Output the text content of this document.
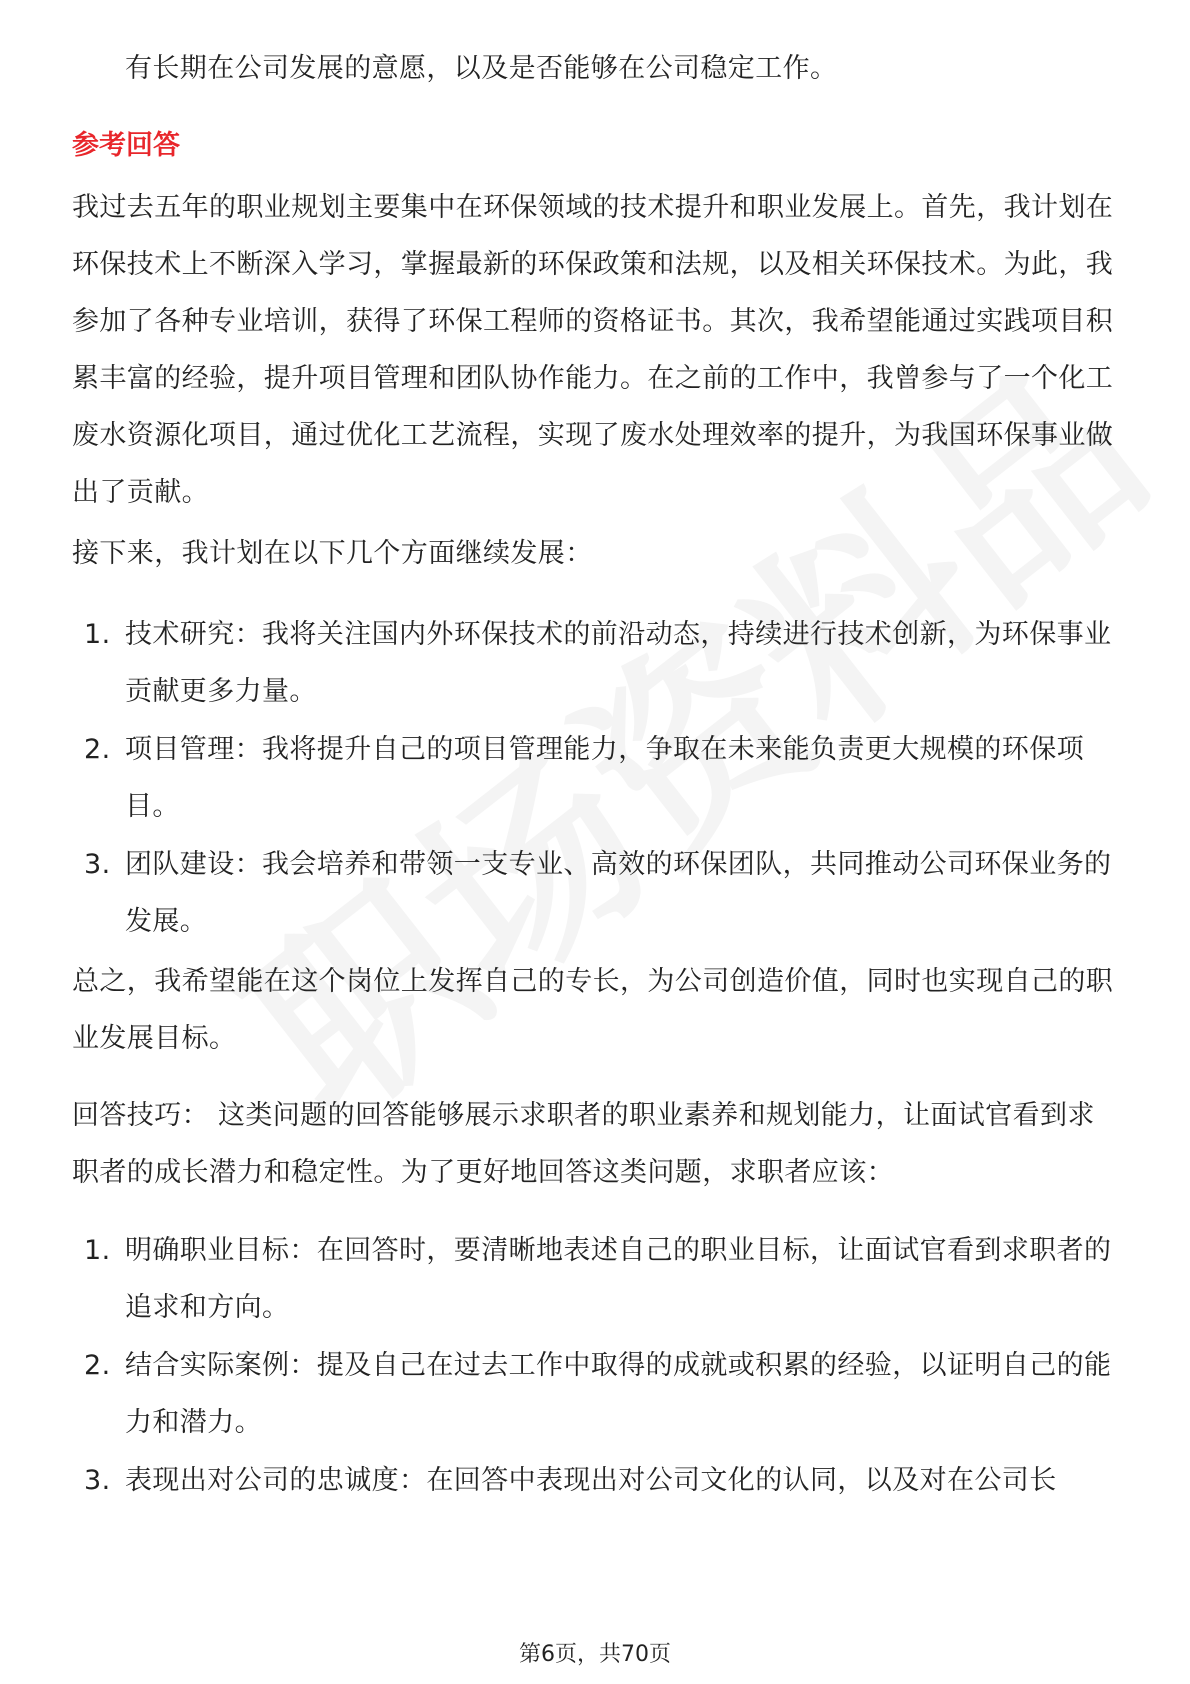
有长期在公司发展的意愿，以及是否能够在公司稳定工作。
参考回答
我过去五年的职业规划主要集中在环保领域的技术提升和职业发展上。首先，我计划在环保技术上不断深入学习，掌握最新的环保政策和法规，以及相关环保技术。为此，我参加了各种专业培训，获得了环保工程师的资格证书。其次，我希望能通过实践项目积累丰富的经验，提升项目管理和团队协作能力。在之前的工作中，我曾参与了一个化工废水资源化项目，通过优化工艺流程，实现了废水处理效率的提升，为我国环保事业做出了贡献。
接下来，我计划在以下几个方面继续发展：
1. 技术研究：我将关注国内外环保技术的前沿动态，持续进行技术创新，为环保事业贡献更多力量。
2. 项目管理：我将提升自己的项目管理能力，争取在未来能负责更大规模的环保项目。
3. 团队建设：我会培养和带领一支专业、高效的环保团队，共同推动公司环保业务的发展。
总之，我希望能在这个岗位上发挥自己的专长，为公司创造价值，同时也实现自己的职业发展目标。
回答技巧： 这类问题的回答能够展示求职者的职业素养和规划能力，让面试官看到求职者的成长潜力和稳定性。为了更好地回答这类问题，求职者应该：
1. 明确职业目标：在回答时，要清晰地表述自己的职业目标，让面试官看到求职者的追求和方向。
2. 结合实际案例：提及自己在过去工作中取得的成就或积累的经验，以证明自己的能力和潜力。
3. 表现出对公司的忠诚度：在回答中表现出对公司文化的认同，以及对在公司长
第6页，共70页
